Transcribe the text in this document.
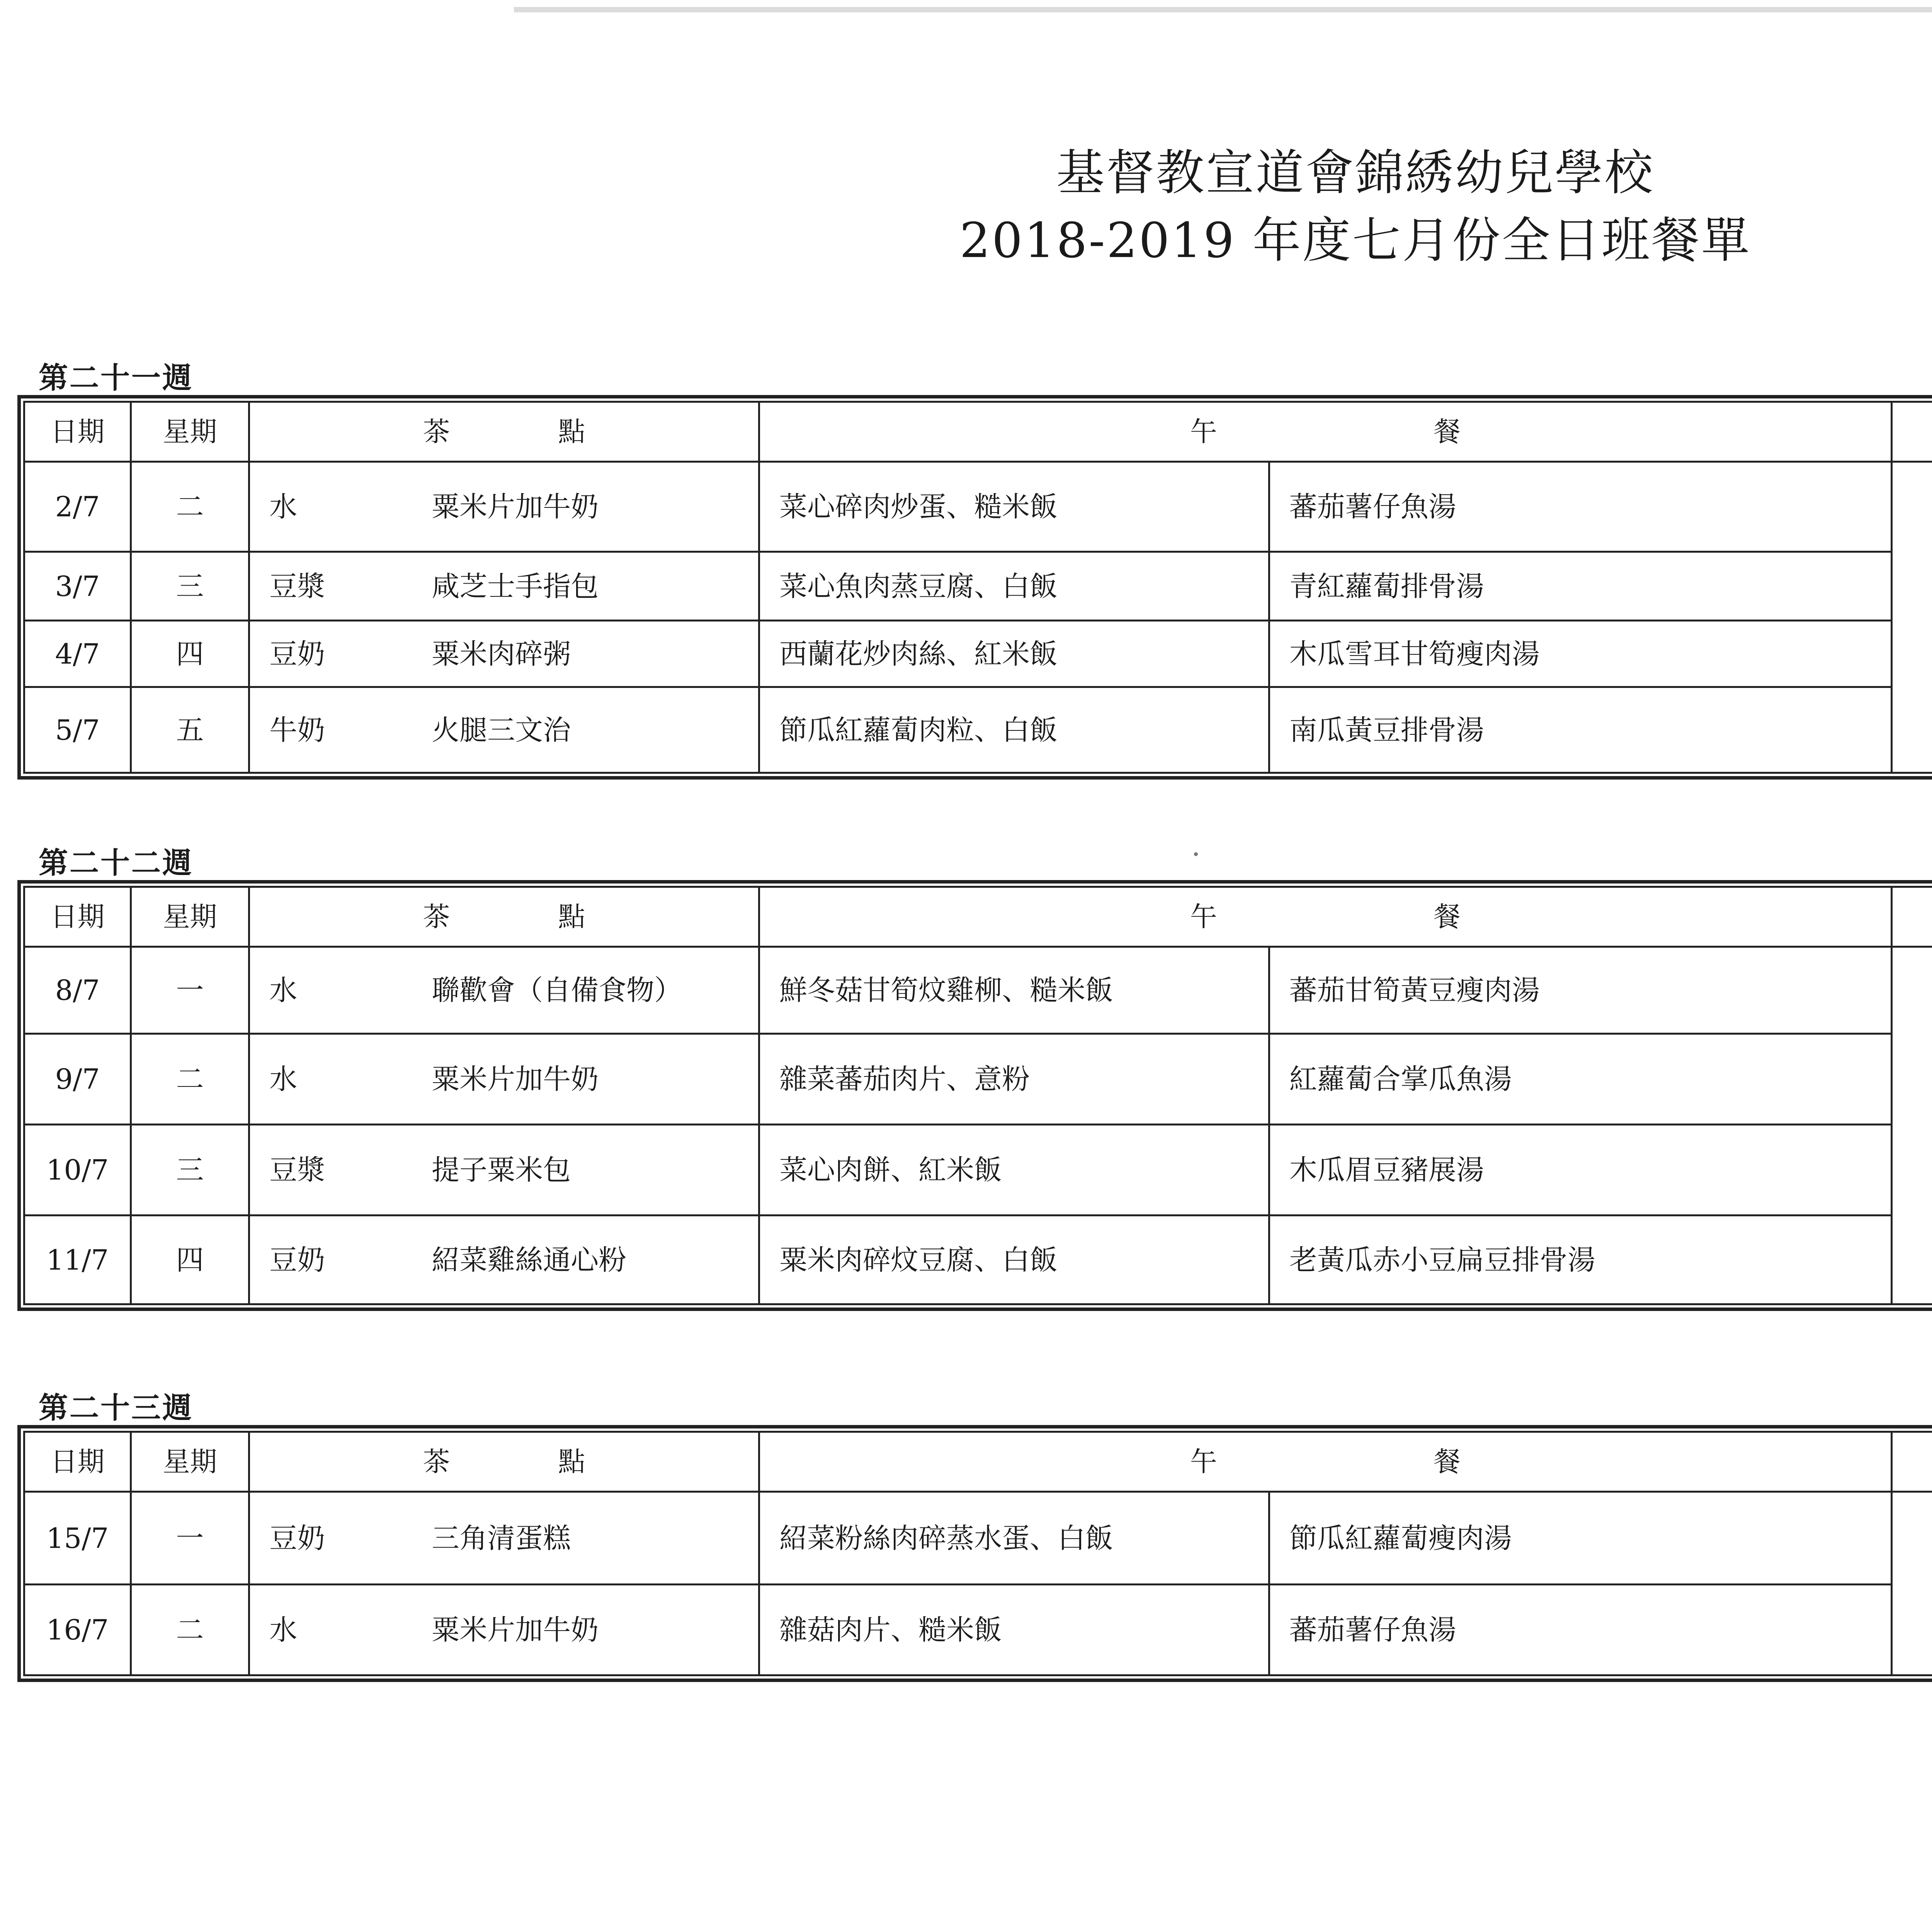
基督教宣道會錦綉幼兒學校
2018-2019 年度七月份全日班餐單
第二十一週
日期	星期	茶點	午餐		
2/7	二	水 粟米片加牛奶	菜心碎肉炒蛋、糙米飯	蕃茄薯仔魚湯		
3/7	三	豆漿 咸芝士手指包	菜心魚肉蒸豆腐、白飯	青紅蘿蔔排骨湯		
4/7	四	豆奶 粟米肉碎粥	西蘭花炒肉絲、紅米飯	木瓜雪耳甘筍瘦肉湯		
5/7	五	牛奶 火腿三文治	節瓜紅蘿蔔肉粒、白飯	南瓜黃豆排骨湯		
第二十二週
日期	星期	茶點	午餐		
8/7	一	水 聯歡會（自備食物）	鮮冬菇甘筍炆雞柳、糙米飯	蕃茄甘筍黃豆瘦肉湯		
9/7	二	水 粟米片加牛奶	雜菜蕃茄肉片、意粉	紅蘿蔔合掌瓜魚湯		
10/7	三	豆漿 提子粟米包	菜心肉餅、紅米飯	木瓜眉豆豬展湯		
11/7	四	豆奶 紹菜雞絲通心粉	粟米肉碎炆豆腐、白飯	老黃瓜赤小豆扁豆排骨湯		
第二十三週
日期	星期	茶點	午餐		
15/7	一	豆奶 三角清蛋糕	紹菜粉絲肉碎蒸水蛋、白飯	節瓜紅蘿蔔瘦肉湯		
16/7	二	水 粟米片加牛奶	雜菇肉片、糙米飯	蕃茄薯仔魚湯		
